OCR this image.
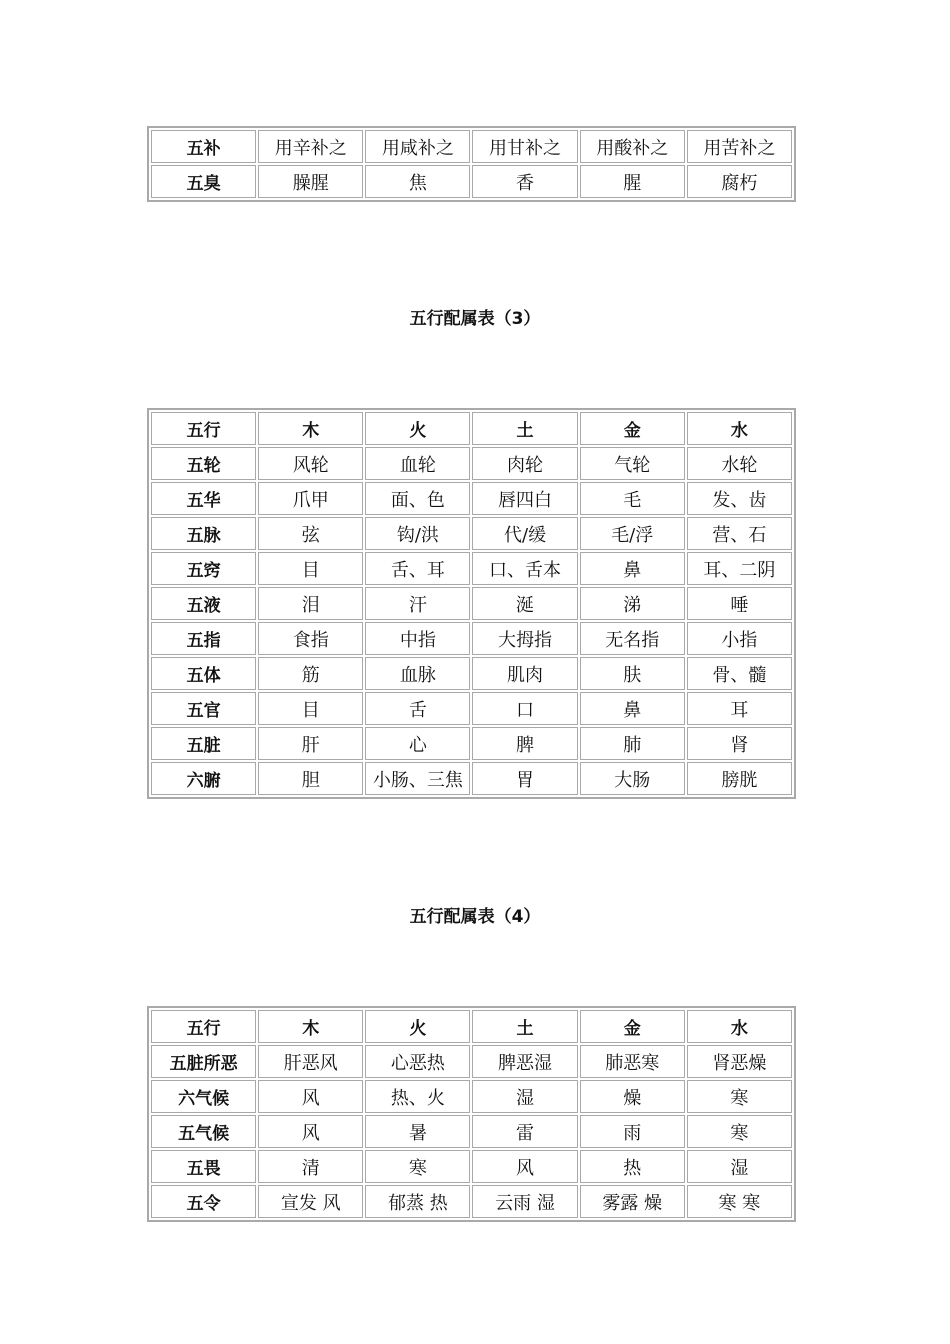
五补	用辛补之	用咸补之	用甘补之	用酸补之	用苦补之
五臭	臊腥	焦	香	腥	腐朽
五行配属表（3）
五行	木	火	土	金	水
五轮	风轮	血轮	肉轮	气轮	水轮
五华	爪甲	面、色	唇四白	毛	发、齿
五脉	弦	钩/洪	代/缓	毛/浮	营、石
五窍	目	舌、耳	口、舌本	鼻	耳、二阴
五液	泪	汗	涎	涕	唾
五指	食指	中指	大拇指	无名指	小指
五体	筋	血脉	肌肉	肤	骨、髓
五官	目	舌	口	鼻	耳
五脏	肝	心	脾	肺	肾
六腑	胆	小肠、三焦	胃	大肠	膀胱
五行配属表（4）
五行	木	火	土	金	水
五脏所恶	肝恶风	心恶热	脾恶湿	肺恶寒	肾恶燥
六气候	风	热、火	湿	燥	寒
五气候	风	暑	雷	雨	寒
五畏	清	寒	风	热	湿
五令	宣发 风	郁蒸 热	云雨 湿	雾露 燥	寒 寒
